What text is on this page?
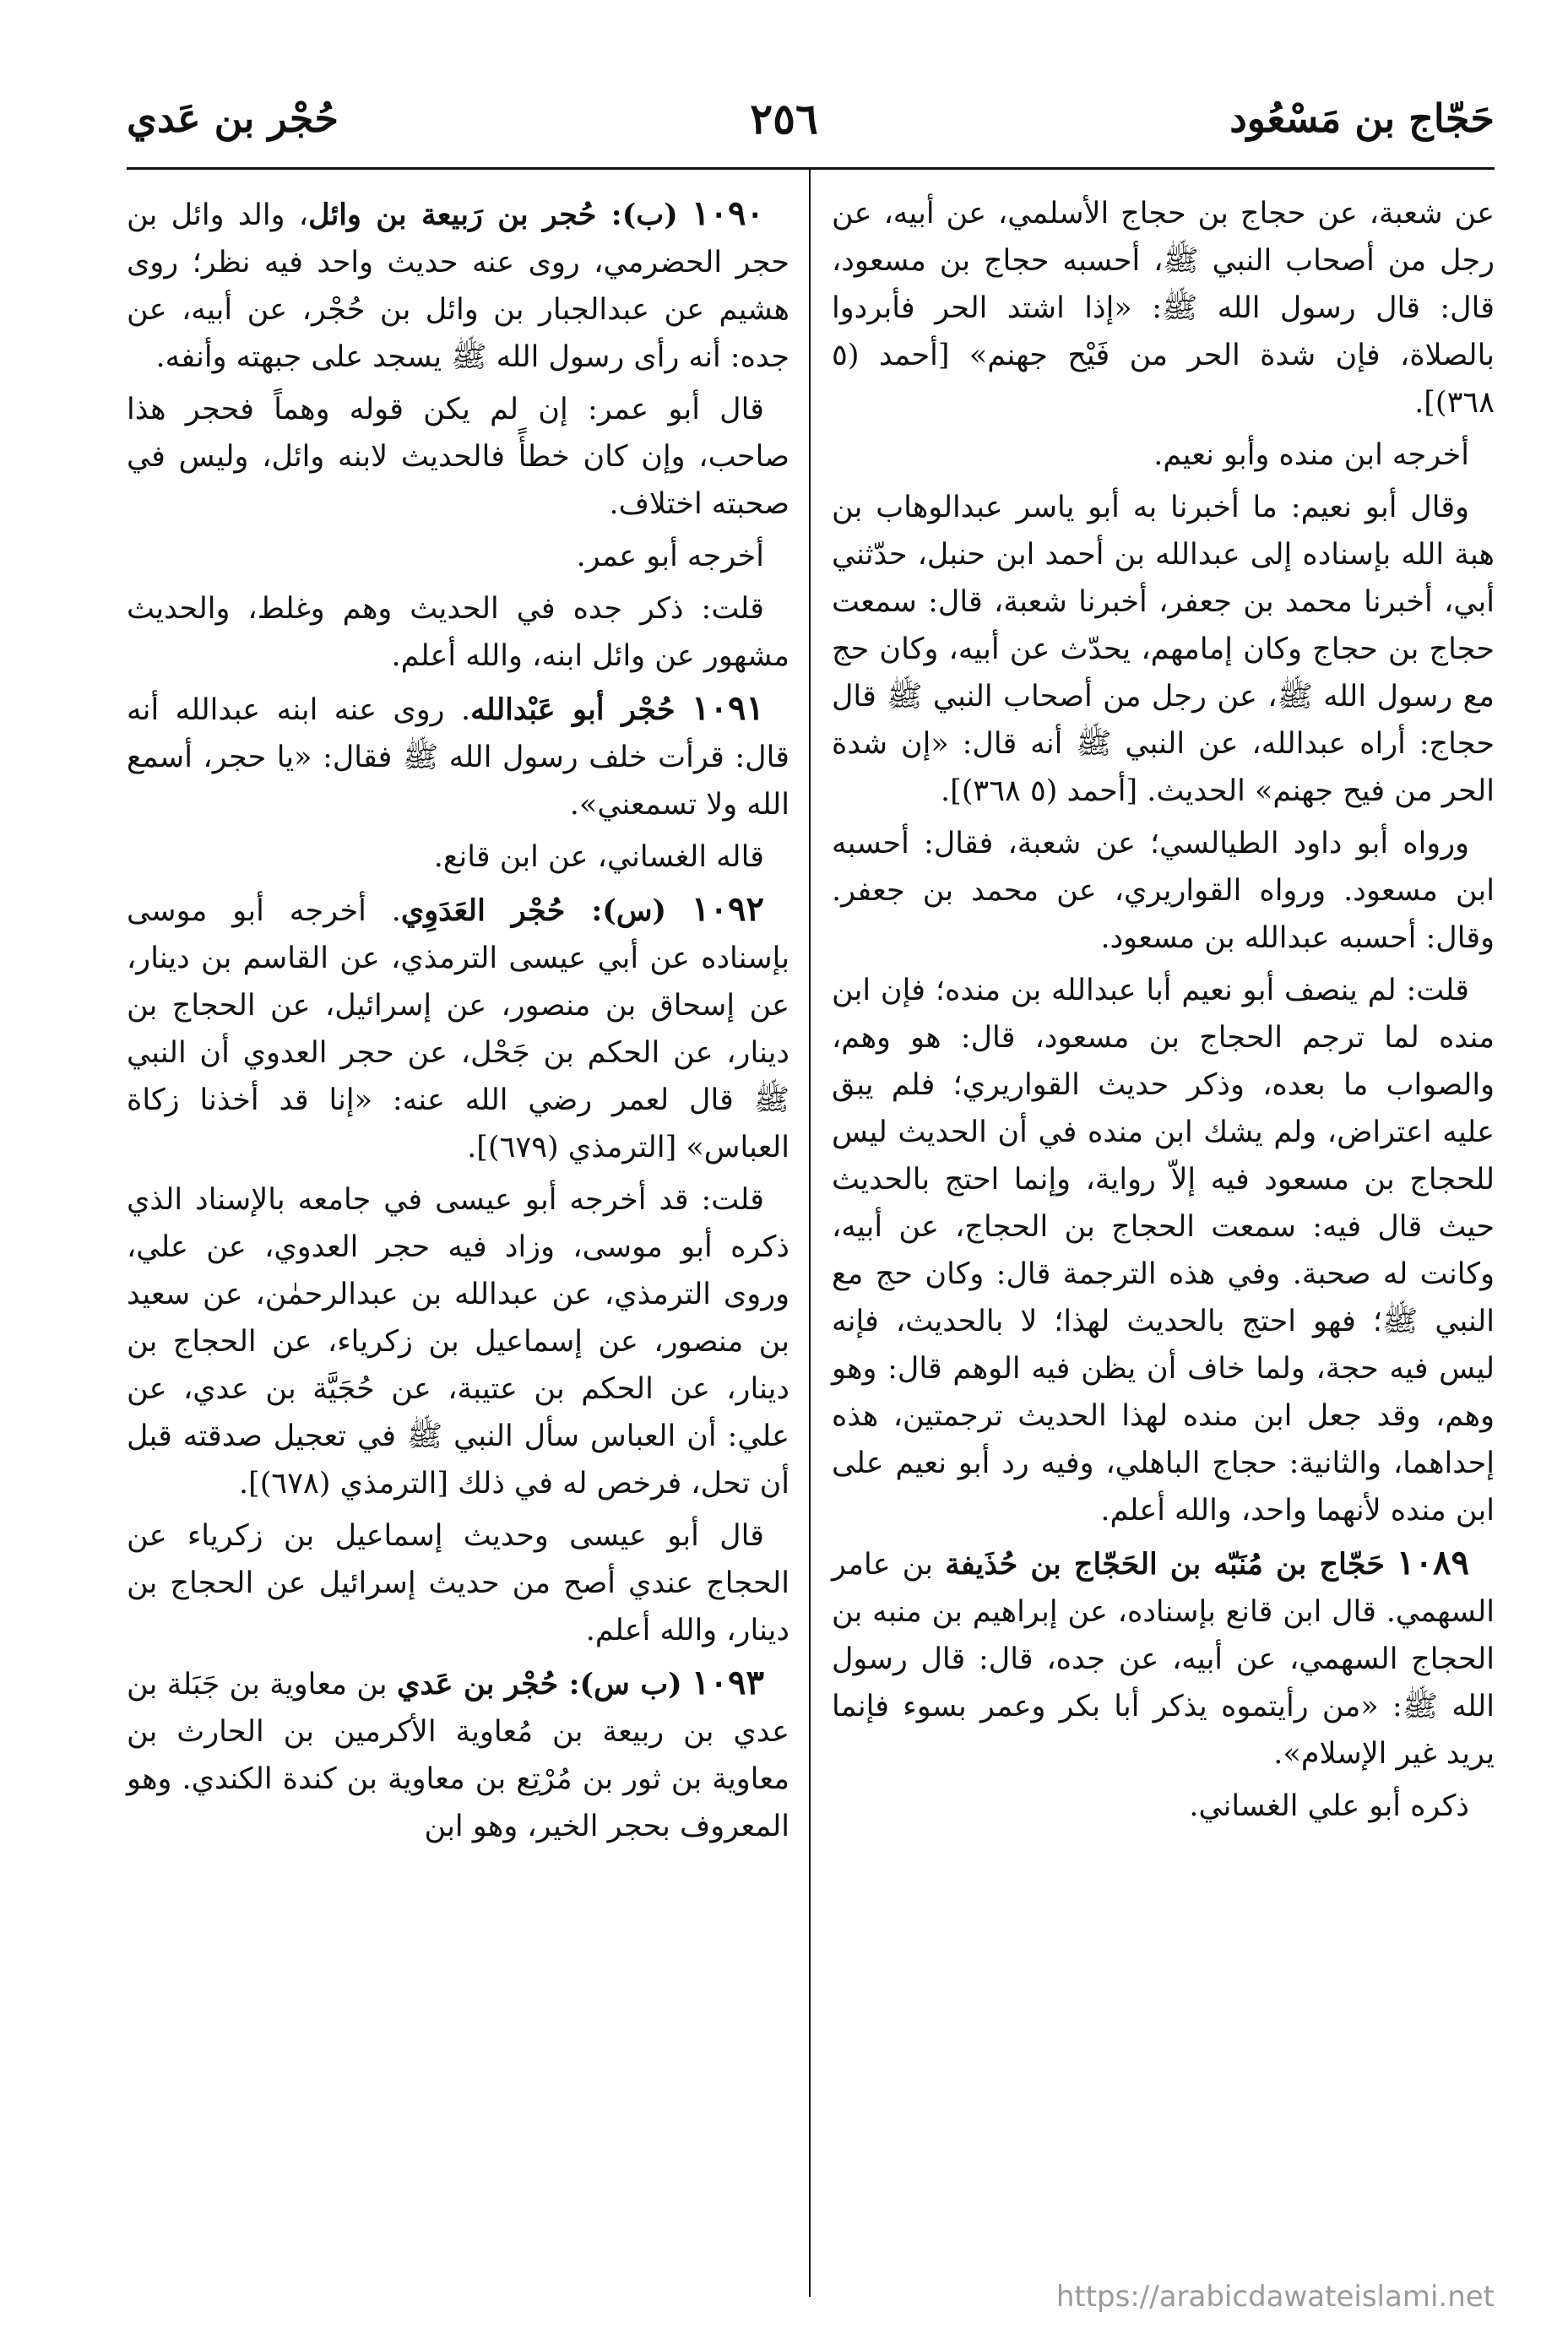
حَجّاج بن مَسْعُود
٢٥٦
حُجْر بن عَدي

عن شعبة، عن حجاج بن حجاج الأسلمي، عن أبيه، عن رجل من أصحاب النبي ﷺ، أحسبه حجاج بن مسعود، قال: قال رسول الله ﷺ: «إذا اشتد الحر فأبردوا بالصلاة، فإن شدة الحر من فَيْح جهنم» [أحمد (٥ ٣٦٨)].

أخرجه ابن منده وأبو نعيم.

وقال أبو نعيم: ما أخبرنا به أبو ياسر عبدالوهاب بن هبة الله بإسناده إلى عبدالله بن أحمد ابن حنبل، حدّثني أبي، أخبرنا محمد بن جعفر، أخبرنا شعبة، قال: سمعت حجاج بن حجاج وكان إمامهم، يحدّث عن أبيه، وكان حج مع رسول الله ﷺ، عن رجل من أصحاب النبي ﷺ قال حجاج: أراه عبدالله، عن النبي ﷺ أنه قال: «إن شدة الحر من فيح جهنم» الحديث. [أحمد (٥ ٣٦٨)].

ورواه أبو داود الطيالسي؛ عن شعبة، فقال: أحسبه ابن مسعود. ورواه القواريري، عن محمد بن جعفر. وقال: أحسبه عبدالله بن مسعود.

قلت: لم ينصف أبو نعيم أبا عبدالله بن منده؛ فإن ابن منده لما ترجم الحجاج بن مسعود، قال: هو وهم، والصواب ما بعده، وذكر حديث القواريري؛ فلم يبق عليه اعتراض، ولم يشك ابن منده في أن الحديث ليس للحجاج بن مسعود فيه إلاّ رواية، وإنما احتج بالحديث حيث قال فيه: سمعت الحجاج بن الحجاج، عن أبيه، وكانت له صحبة. وفي هذه الترجمة قال: وكان حج مع النبي ﷺ؛ فهو احتج بالحديث لهذا؛ لا بالحديث، فإنه ليس فيه حجة، ولما خاف أن يظن فيه الوهم قال: وهو وهم، وقد جعل ابن منده لهذا الحديث ترجمتين، هذه إحداهما، والثانية: حجاج الباهلي، وفيه رد أبو نعيم على ابن منده لأنهما واحد، والله أعلم.

١٠٨٩ حَجّاج بن مُنَبّه بن الحَجّاج بن حُذَيفة بن عامر السهمي. قال ابن قانع بإسناده، عن إبراهيم بن منبه بن الحجاج السهمي، عن أبيه، عن جده، قال: قال رسول الله ﷺ: «من رأيتموه يذكر أبا بكر وعمر بسوء فإنما يريد غير الإسلام».

ذكره أبو علي الغساني.

١٠٩٠ (ب): حُجر بن رَبيعة بن وائل، والد وائل بن حجر الحضرمي، روى عنه حديث واحد فيه نظر؛ روى هشيم عن عبدالجبار بن وائل بن حُجْر، عن أبيه، عن جده: أنه رأى رسول الله ﷺ يسجد على جبهته وأنفه.

قال أبو عمر: إن لم يكن قوله وهماً فحجر هذا صاحب، وإن كان خطأً فالحديث لابنه وائل، وليس في صحبته اختلاف.

أخرجه أبو عمر.

قلت: ذكر جده في الحديث وهم وغلط، والحديث مشهور عن وائل ابنه، والله أعلم.

١٠٩١ حُجْر أبو عَبْدالله. روى عنه ابنه عبدالله أنه قال: قرأت خلف رسول الله ﷺ فقال: «يا حجر، أسمع الله ولا تسمعني».

قاله الغساني، عن ابن قانع.

١٠٩٢ (س): حُجْر العَدَوِي. أخرجه أبو موسى بإسناده عن أبي عيسى الترمذي، عن القاسم بن دينار، عن إسحاق بن منصور، عن إسرائيل، عن الحجاج بن دينار، عن الحكم بن جَحْل، عن حجر العدوي أن النبي ﷺ قال لعمر رضي الله عنه: «إنا قد أخذنا زكاة العباس» [الترمذي (٦٧٩)].

قلت: قد أخرجه أبو عيسى في جامعه بالإسناد الذي ذكره أبو موسى، وزاد فيه حجر العدوي، عن علي، وروى الترمذي، عن عبدالله بن عبدالرحمٰن، عن سعيد بن منصور، عن إسماعيل بن زكرياء، عن الحجاج بن دينار، عن الحكم بن عتيبة، عن حُجَيَّة بن عدي، عن علي: أن العباس سأل النبي ﷺ في تعجيل صدقته قبل أن تحل، فرخص له في ذلك [الترمذي (٦٧٨)].

قال أبو عيسى وحديث إسماعيل بن زكرياء عن الحجاج عندي أصح من حديث إسرائيل عن الحجاج بن دينار، والله أعلم.

١٠٩٣ (ب س): حُجْر بن عَدي بن معاوية بن جَبَلة بن عدي بن ربيعة بن مُعاوية الأكرمين بن الحارث بن معاوية بن ثور بن مُرْتِع بن معاوية بن كندة الكندي. وهو المعروف بحجر الخير، وهو ابن

https://arabicdawateislami.net
